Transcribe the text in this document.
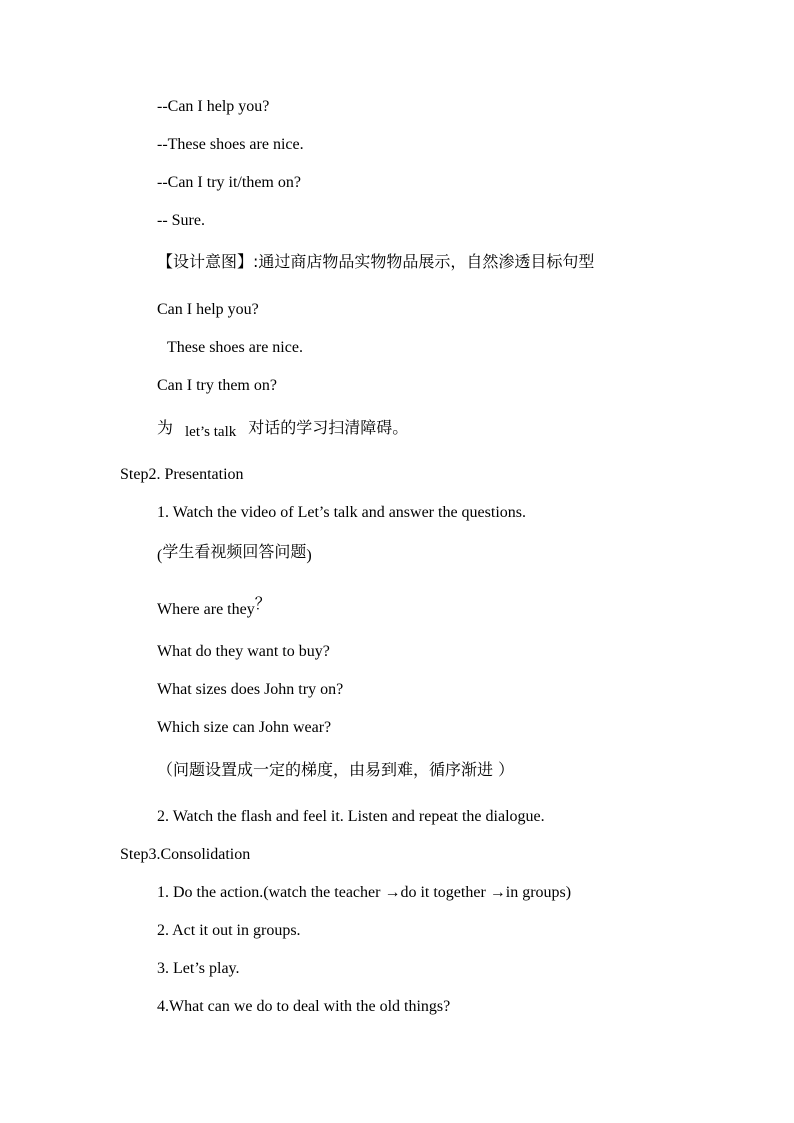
--Can I help you?
--These shoes are nice.
--Can I try it/them on?
-- Sure.
【设计意图】:通过商店物品实物物品展示，自然渗透目标句型
Can I help you?
These shoes are nice.
Can I try them on?
为 let’s talk 对话的学习扫清障碍。
Step2. Presentation
1. Watch the video of Let’s talk and answer the questions.
(学生看视频回答问题)
Where are they？
What do they want to buy?
What sizes does John try on?
Which size can John wear?
（问题设置成一定的梯度，由易到难，循序渐进 ）
2. Watch the flash and feel it. Listen and repeat the dialogue.
Step3.Consolidation
1. Do the action.(watch the teacher →do it together →in groups)
2. Act it out in groups.
3. Let’s play.
4.What can we do to deal with the old things?
